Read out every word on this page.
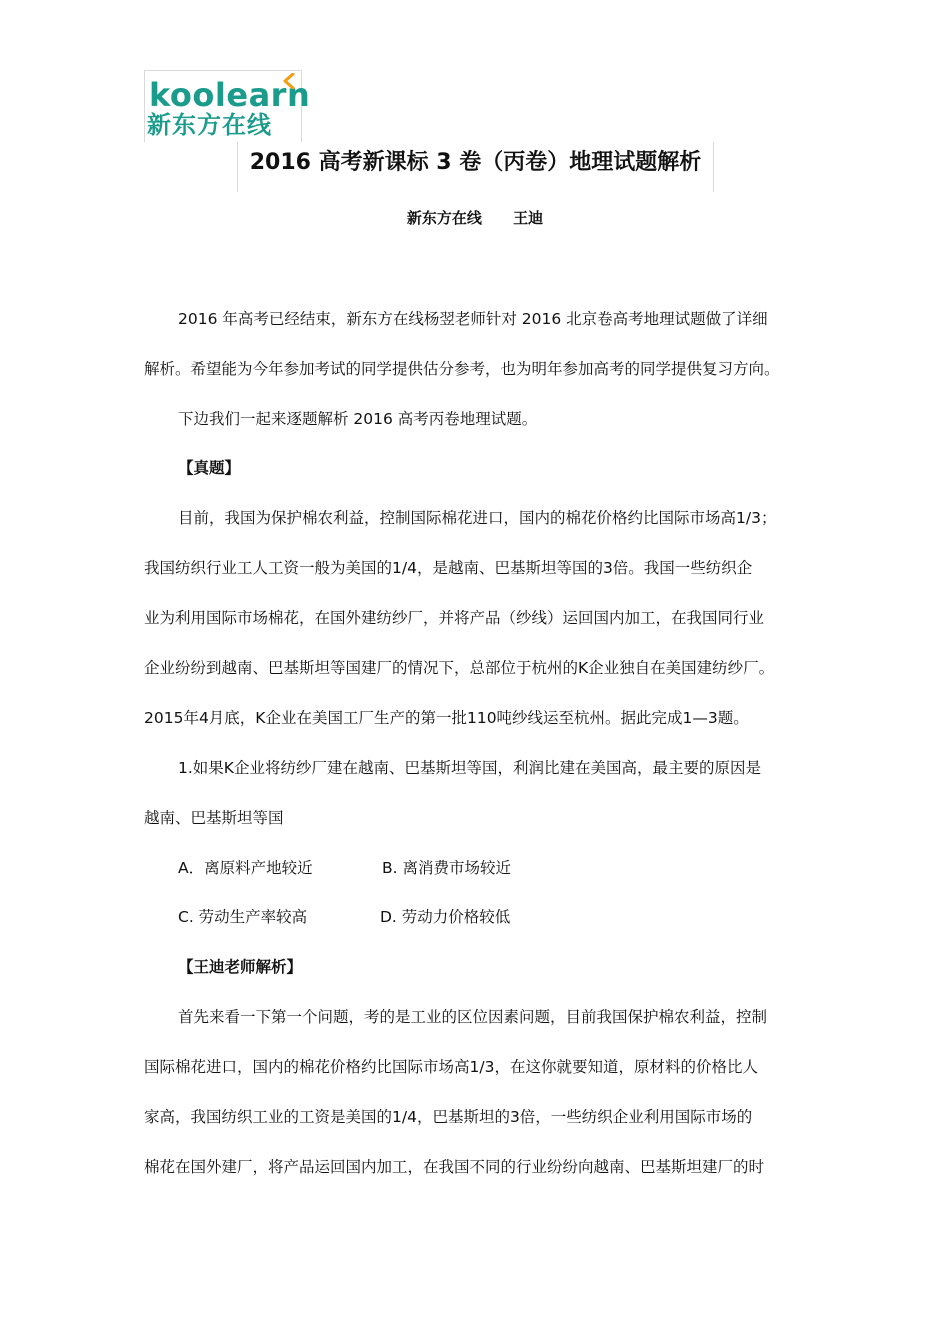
koolearn
新东方在线
2016 高考新课标 3 卷（丙卷）地理试题解析
新东方在线      王迪
2016 年高考已经结束，新东方在线杨翌老师针对 2016 北京卷高考地理试题做了详细
解析。希望能为今年参加考试的同学提供估分参考，也为明年参加高考的同学提供复习方向。
下边我们一起来逐题解析 2016 高考丙卷地理试题。
【真题】
目前，我国为保护棉农利益，控制国际棉花进口，国内的棉花价格约比国际市场高1/3；
我国纺织行业工人工资一般为美国的1/4，是越南、巴基斯坦等国的3倍。我国一些纺织企
业为利用国际市场棉花，在国外建纺纱厂，并将产品（纱线）运回国内加工，在我国同行业
企业纷纷到越南、巴基斯坦等国建厂的情况下，总部位于杭州的K企业独自在美国建纺纱厂。
2015年4月底，K企业在美国工厂生产的第一批110吨纱线运至杭州。据此完成1—3题。
1.如果K企业将纺纱厂建在越南、巴基斯坦等国，利润比建在美国高，最主要的原因是
越南、巴基斯坦等国
A．离原料产地较近	B. 离消费市场较近
C. 劳动生产率较高	D. 劳动力价格较低
【王迪老师解析】
首先来看一下第一个问题，考的是工业的区位因素问题，目前我国保护棉农利益，控制
国际棉花进口，国内的棉花价格约比国际市场高1/3，在这你就要知道，原材料的价格比人
家高，我国纺织工业的工资是美国的1/4，巴基斯坦的3倍，一些纺织企业利用国际市场的
棉花在国外建厂，将产品运回国内加工，在我国不同的行业纷纷向越南、巴基斯坦建厂的时
